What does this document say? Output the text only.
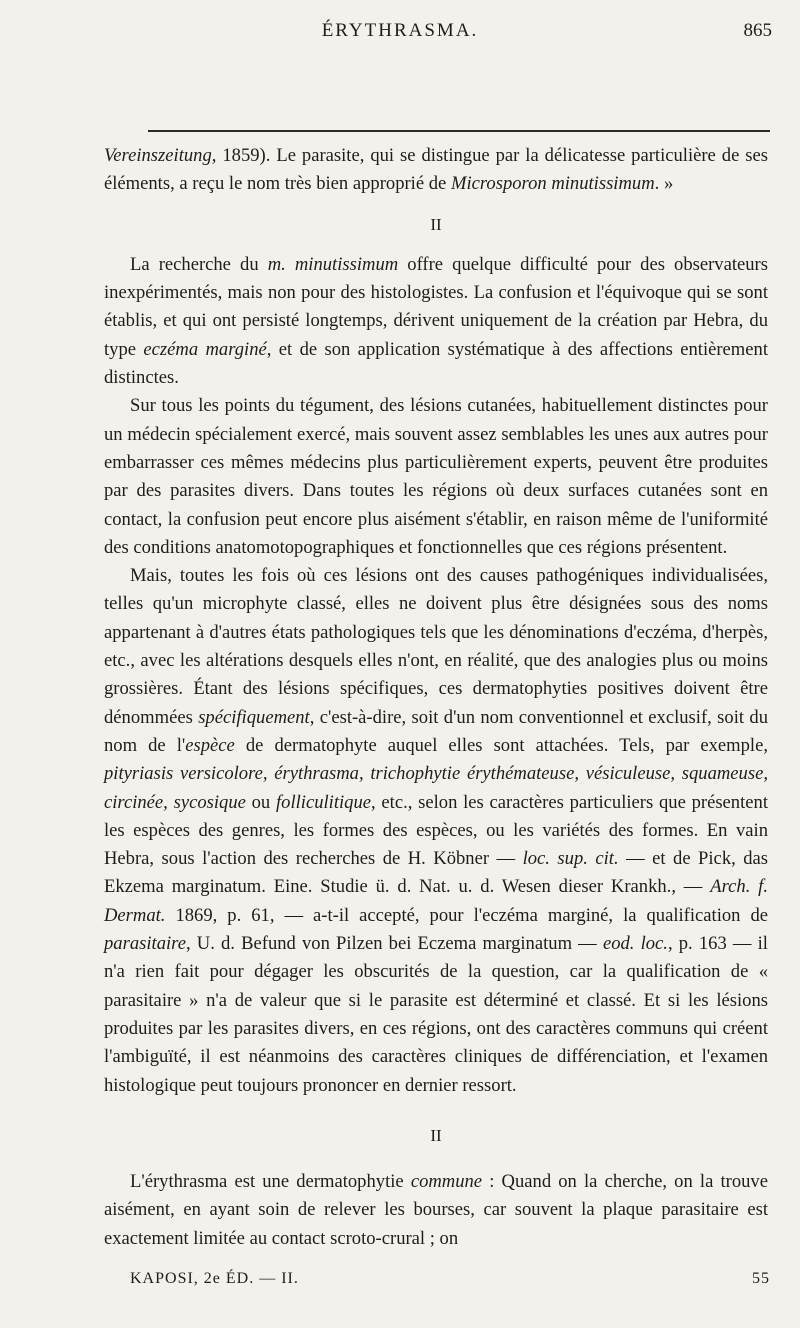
ÉRYTHRASMA.	865

Vereinszeitung, 1859). Le parasite, qui se distingue par la délicatesse particulière de ses éléments, a reçu le nom très bien approprié de Microsporon minutissimum. »

II

La recherche du m. minutissimum offre quelque difficulté pour des observateurs inexpérimentés, mais non pour des histologistes. La confusion et l'équivoque qui se sont établis, et qui ont persisté longtemps, dérivent uniquement de la création par Hebra, du type eczéma marginé, et de son application systématique à des affections entièrement distinctes.

Sur tous les points du tégument, des lésions cutanées, habituellement distinctes pour un médecin spécialement exercé, mais souvent assez semblables les unes aux autres pour embarrasser ces mêmes médecins plus particulièrement experts, peuvent être produites par des parasites divers. Dans toutes les régions où deux surfaces cutanées sont en contact, la confusion peut encore plus aisément s'établir, en raison même de l'uniformité des conditions anatomotopographiques et fonctionnelles que ces régions présentent.

Mais, toutes les fois où ces lésions ont des causes pathogéniques individualisées, telles qu'un microphyte classé, elles ne doivent plus être désignées sous des noms appartenant à d'autres états pathologiques tels que les dénominations d'eczéma, d'herpès, etc., avec les altérations desquels elles n'ont, en réalité, que des analogies plus ou moins grossières. Étant des lésions spécifiques, ces dermatophyties positives doivent être dénommées spécifiquement, c'est-à-dire, soit d'un nom conventionnel et exclusif, soit du nom de l'espèce de dermatophyte auquel elles sont attachées. Tels, par exemple, pityriasis versicolore, érythrasma, trichophytie érythémateuse, vésiculeuse, squameuse, circinée, sycosique ou folliculitique, etc., selon les caractères particuliers que présentent les espèces des genres, les formes des espèces, ou les variétés des formes. En vain Hebra, sous l'action des recherches de H. Köbner — loc. sup. cit. — et de Pick, das Ekzema marginatum. Eine. Studie ü. d. Nat. u. d. Wesen dieser Krankh., — Arch. f. Dermat. 1869, p. 61, — a-t-il accepté, pour l'eczéma marginé, la qualification de parasitaire, U. d. Befund von Pilzen bei Eczema marginatum — eod. loc., p. 163 — il n'a rien fait pour dégager les obscurités de la question, car la qualification de « parasitaire » n'a de valeur que si le parasite est déterminé et classé. Et si les lésions produites par les parasites divers, en ces régions, ont des caractères communs qui créent l'ambiguïté, il est néanmoins des caractères cliniques de différenciation, et l'examen histologique peut toujours prononcer en dernier ressort.

II

L'érythrasma est une dermatophytie commune : Quand on la cherche, on la trouve aisément, en ayant soin de relever les bourses, car souvent la plaque parasitaire est exactement limitée au contact scroto-crural ; on

KAPOSI, 2e ÉD. — II.	55
